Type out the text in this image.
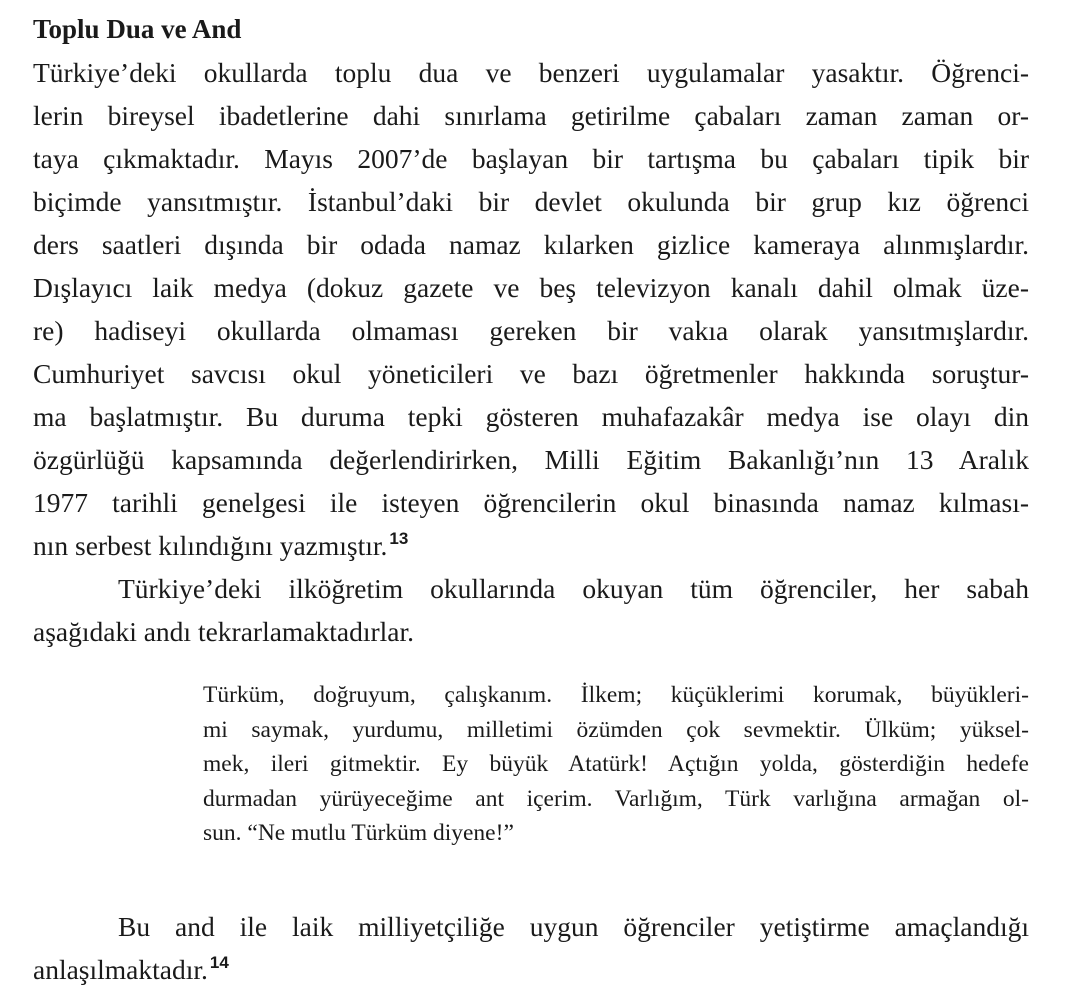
Toplu Dua ve And
Türkiye’deki okullarda toplu dua ve benzeri uygulamalar yasaktır. Öğrenci-
lerin bireysel ibadetlerine dahi sınırlama getirilme çabaları zaman zaman or-
taya çıkmaktadır. Mayıs 2007’de başlayan bir tartışma bu çabaları tipik bir
biçimde yansıtmıştır. İstanbul’daki bir devlet okulunda bir grup kız öğrenci
ders saatleri dışında bir odada namaz kılarken gizlice kameraya alınmışlardır.
Dışlayıcı laik medya (dokuz gazete ve beş televizyon kanalı dahil olmak üze-
re) hadiseyi okullarda olmaması gereken bir vakıa olarak yansıtmışlardır.
Cumhuriyet savcısı okul yöneticileri ve bazı öğretmenler hakkında soruştur-
ma başlatmıştır. Bu duruma tepki gösteren muhafazakâr medya ise olayı din
özgürlüğü kapsamında değerlendirirken, Milli Eğitim Bakanlığı’nın 13 Aralık
1977 tarihli genelgesi ile isteyen öğrencilerin okul binasında namaz kılması-
nın serbest kılındığını yazmıştır. $^{13}$
Türkiye’deki ilköğretim okullarında okuyan tüm öğrenciler, her sabah
aşağıdaki andı tekrarlamaktadırlar.
Türküm, doğruyum, çalışkanım. İlkem; küçüklerimi korumak, büyükleri-
mi saymak, yurdumu, milletimi özümden çok sevmektir. Ülküm; yüksel-
mek, ileri gitmektir. Ey büyük Atatürk! Açtığın yolda, gösterdiğin hedefe
durmadan yürüyeceğime ant içerim. Varlığım, Türk varlığına armağan ol-
sun. “Ne mutlu Türküm diyene!”
Bu and ile laik milliyetçiliğe uygun öğrenciler yetiştirme amaçlandığı
anlaşılmaktadır. $^{14}$
